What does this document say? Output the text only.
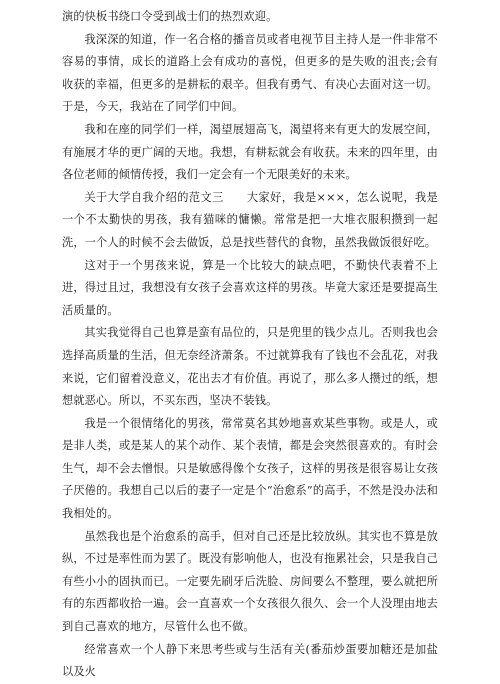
演的快板书绕口令受到战士们的热烈欢迎。

我深深的知道，作一名合格的播音员或者电视节目主持人是一件非常不容易的事情，成长的道路上会有成功的喜悦，但更多的是失败的沮丧;会有收获的幸福，但更多的是耕耘的艰辛。但我有勇气、有决心去面对这一切。于是，今天，我站在了同学们中间。

我和在座的同学们一样，渴望展翅高飞，渴望将来有更大的发展空间，有施展才华的更广阔的天地。我想，有耕耘就会有收获。未来的四年里，由各位老师的倾情传授，我们一定会有一个无限美好的未来。

关于大学自我介绍的范文三　　大家好，我是×××，怎么说呢，我是一个不太勤快的男孩，我有猫咪的慵懒。常常是把一大堆衣服积攒到一起洗，一个人的时候不会去做饭，总是找些替代的食物，虽然我做饭很好吃。

这对于一个男孩来说，算是一个比较大的缺点吧，不勤快代表着不上进，得过且过，我想没有女孩子会喜欢这样的男孩。毕竟大家还是要提高生活质量的。

其实我觉得自己也算是蛮有品位的，只是兜里的钱少点儿。否则我也会选择高质量的生活，但无奈经济萧条。不过就算我有了钱也不会乱花，对我来说，它们留着没意义，花出去才有价值。再说了，那么多人攒过的纸，想想就恶心。所以，不买东西，坚决不装钱。

我是一个很情绪化的男孩，常常莫名其妙地喜欢某些事物。或是人，或是非人类，或是某人的某个动作、某个表情，都是会突然很喜欢的。有时会生气，却不会去憎恨。只是敏感得像个女孩子，这样的男孩是很容易让女孩子厌倦的。我想自己以后的妻子一定是个“治愈系”的高手，不然是没办法和我相处的。

虽然我也是个治愈系的高手，但对自己还是比较放纵。其实也不算是放纵，不过是率性而为罢了。既没有影响他人，也没有拖累社会，只是我自己有些小小的固执而已。一定要先刷牙后洗脸、房间要么不整理，要么就把所有的东西都收拾一遍。会一直喜欢一个女孩很久很久、会一个人没理由地去到自己喜欢的地方，尽管什么也不做。

经常喜欢一个人静下来思考些或与生活有关(番茄炒蛋要加糖还是加盐以及火
